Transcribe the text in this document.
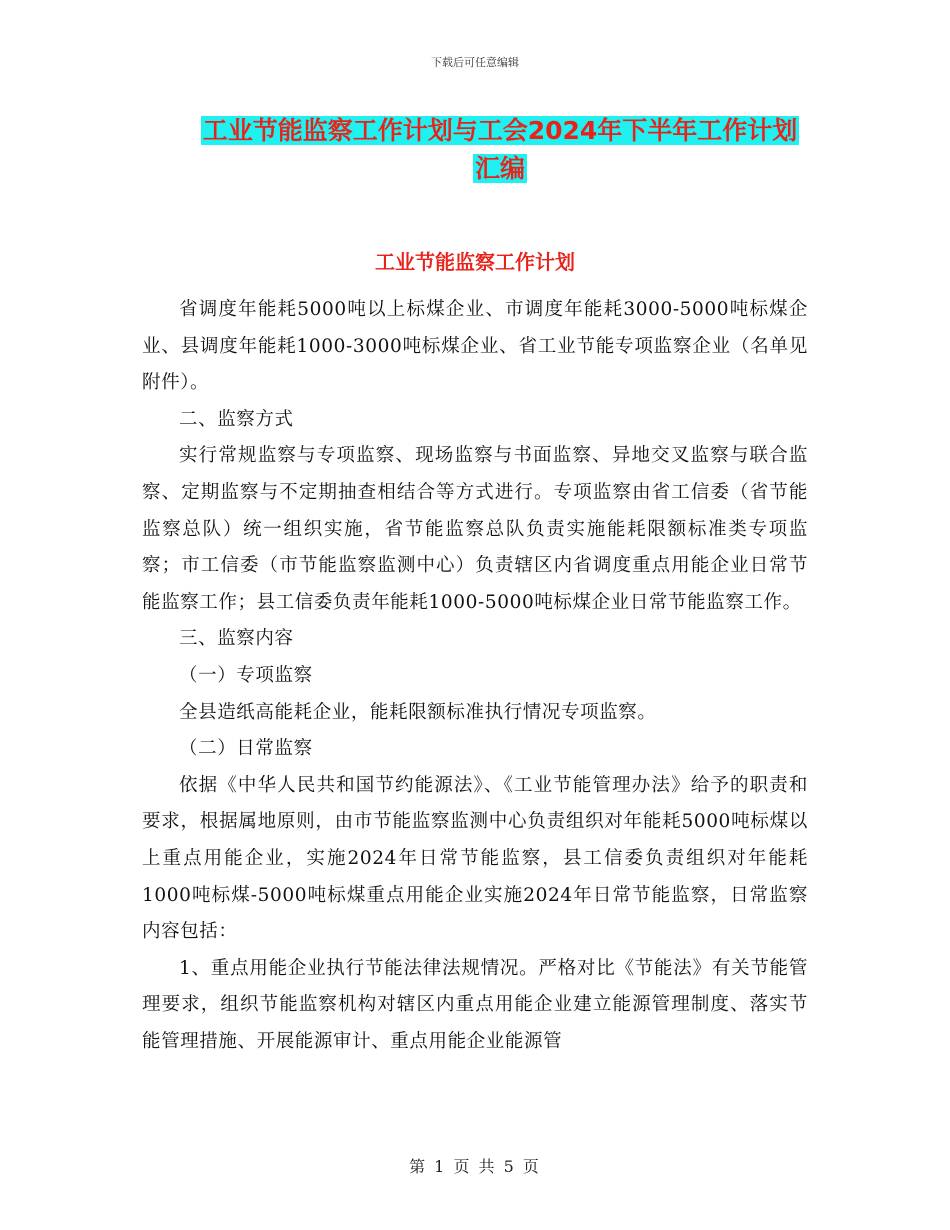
下载后可任意编辑
工业节能监察工作计划与工会2024年下半年工作计划
汇编
工业节能监察工作计划

省调度年能耗5000吨以上标煤企业、市调度年能耗3000-5000吨标煤企业、县调度年能耗1000-3000吨标煤企业、省工业节能专项监察企业（名单见附件）。

二、监察方式

实行常规监察与专项监察、现场监察与书面监察、异地交叉监察与联合监察、定期监察与不定期抽查相结合等方式进行。专项监察由省工信委（省节能监察总队）统一组织实施，省节能监察总队负责实施能耗限额标准类专项监察；市工信委（市节能监察监测中心）负责辖区内省调度重点用能企业日常节能监察工作；县工信委负责年能耗1000-5000吨标煤企业日常节能监察工作。

三、监察内容

（一）专项监察

全县造纸高能耗企业，能耗限额标准执行情况专项监察。

（二）日常监察

依据《中华人民共和国节约能源法》、《工业节能管理办法》给予的职责和要求，根据属地原则，由市节能监察监测中心负责组织对年能耗5000吨标煤以上重点用能企业，实施2024年日常节能监察，县工信委负责组织对年能耗1000吨标煤-5000吨标煤重点用能企业实施2024年日常节能监察，日常监察内容包括：

1、重点用能企业执行节能法律法规情况。严格对比《节能法》有关节能管理要求，组织节能监察机构对辖区内重点用能企业建立能源管理制度、落实节能管理措施、开展能源审计、重点用能企业能源管

第 1 页 共 5 页
